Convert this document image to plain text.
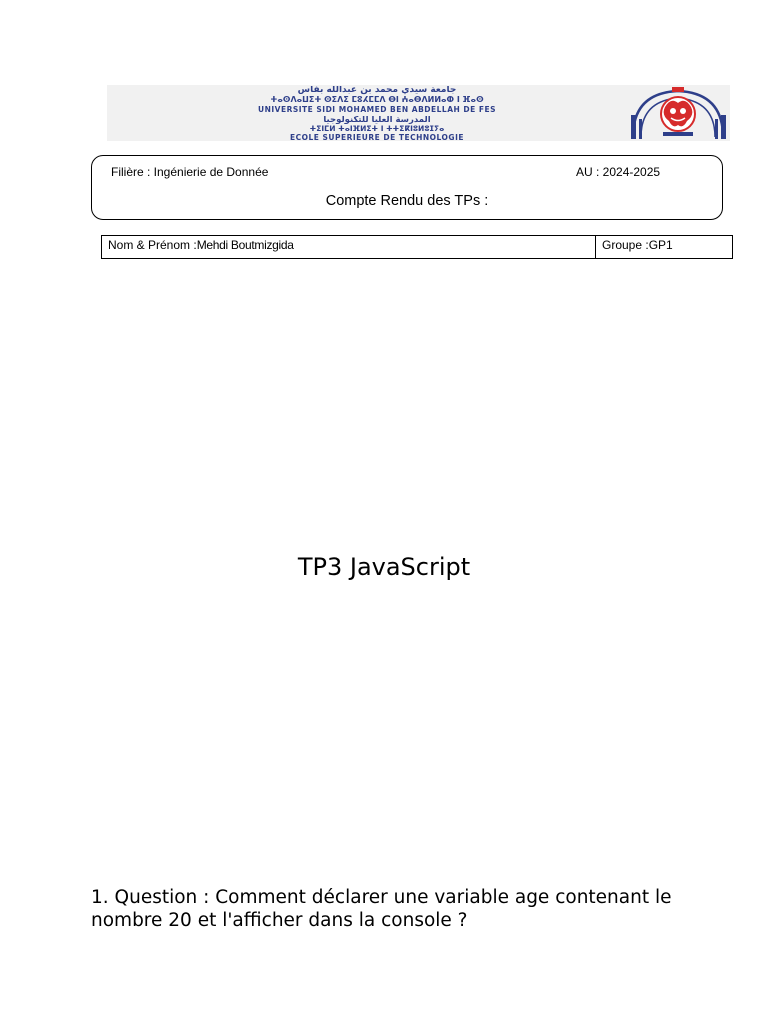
جامعة سيدي محمد بن عبدالله بفاس
ⵜⴰⵙⴷⴰⵡⵉⵜ ⵙⵉⴷⵉ ⵎⵓⵃⵎⵎⴷ ⴱⵏ ⵄⴰⴱⴷⵍⵍⴰⵀ ⵏ ⴼⴰⵙ
UNIVERSITÉ SIDI MOHAMED BEN ABDELLAH DE FES
المدرسة العليا للتكنولوجيا
ⵜⵉⵏⵎⵍ ⵜⴰⵏⴼⵍⵉⵜ ⵏ ⵜⵜⵉⴽⵏⵓⵍⵓⵊⵢⴰ
ÉCOLE SUPÉRIEURE DE TECHNOLOGIE
Filière : Ingénierie de Donnée	AU : 2024-2025
Compte Rendu des TPs :
Nom & Prénom :Mehdi Boutmizgida	Groupe :GP1
TP3 JavaScript
1. Question : Comment déclarer une variable age contenant le nombre 20 et l'afficher dans la console ?
